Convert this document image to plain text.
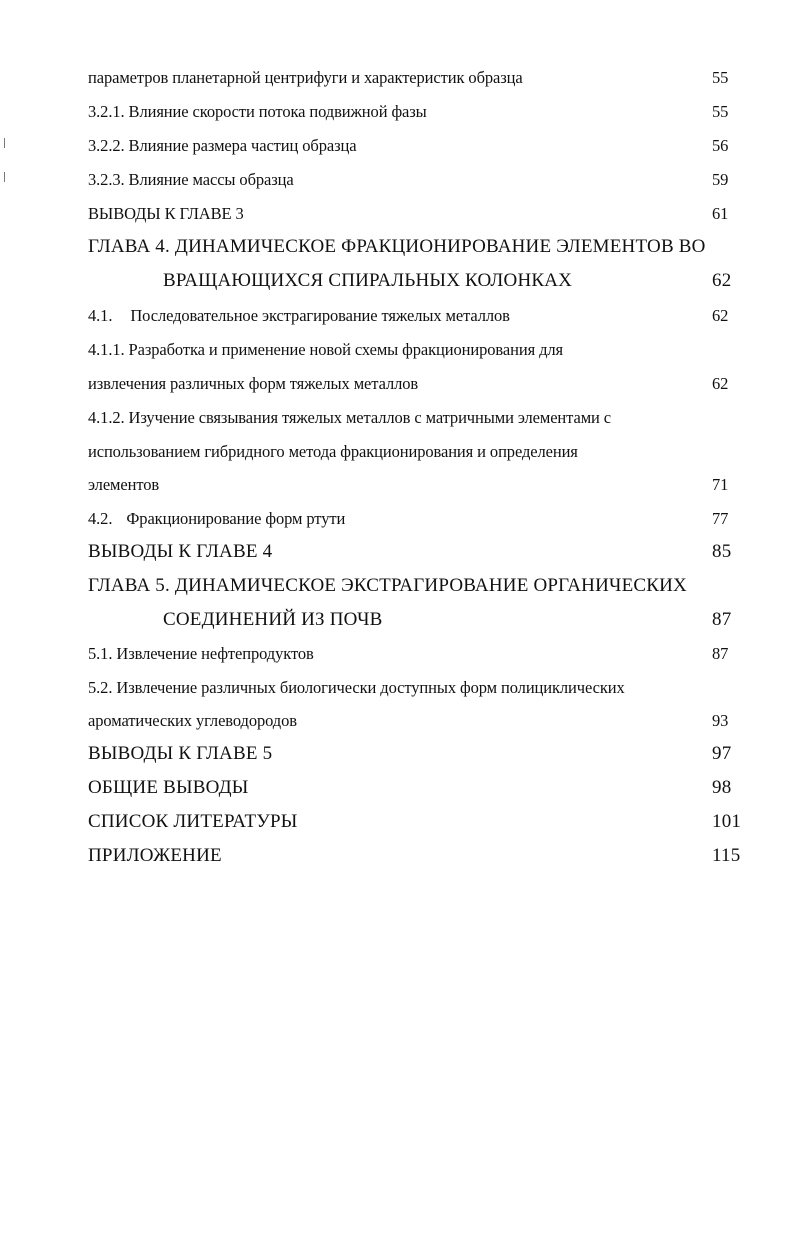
параметров планетарной центрифуги и характеристик образца	55
3.2.1. Влияние скорости потока подвижной фазы	55
3.2.2. Влияние размера частиц образца	56
3.2.3. Влияние массы образца	59
ВЫВОДЫ К ГЛАВЕ 3	61
ГЛАВА 4. ДИНАМИЧЕСКОЕ ФРАКЦИОНИРОВАНИЕ ЭЛЕМЕНТОВ ВО
ВРАЩАЮЩИХСЯ СПИРАЛЬНЫХ КОЛОНКАХ	62
4.1. Последовательное экстрагирование тяжелых металлов	62
4.1.1. Разработка и применение новой схемы фракционирования для
извлечения различных форм тяжелых металлов	62
4.1.2. Изучение связывания тяжелых металлов с матричными элементами с
использованием гибридного метода фракционирования и определения
элементов	71
4.2. Фракционирование форм ртути	77
ВЫВОДЫ К ГЛАВЕ 4	85
ГЛАВА 5. ДИНАМИЧЕСКОЕ ЭКСТРАГИРОВАНИЕ ОРГАНИЧЕСКИХ
СОЕДИНЕНИЙ ИЗ ПОЧВ	87
5.1. Извлечение нефтепродуктов	87
5.2. Извлечение различных биологически доступных форм полициклических
ароматических углеводородов	93
ВЫВОДЫ К ГЛАВЕ 5	97
ОБЩИЕ ВЫВОДЫ	98
СПИСОК ЛИТЕРАТУРЫ	101
ПРИЛОЖЕНИЕ	115
